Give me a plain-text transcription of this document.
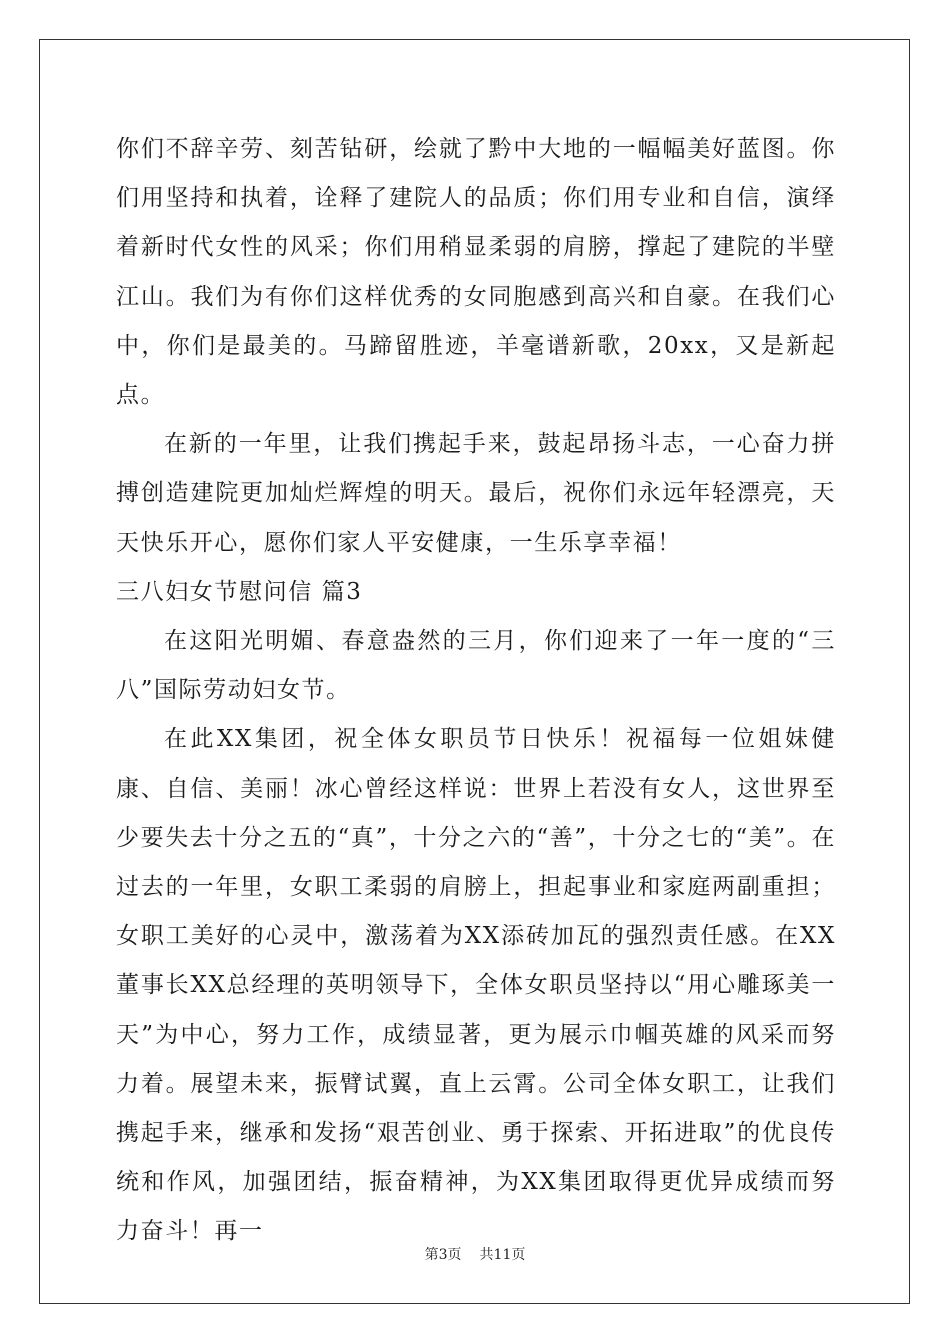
你们不辞辛劳、刻苦钻研，绘就了黔中大地的一幅幅美好蓝图。你们用坚持和执着，诠释了建院人的品质；你们用专业和自信，演绎着新时代女性的风采；你们用稍显柔弱的肩膀，撑起了建院的半壁江山。我们为有你们这样优秀的女同胞感到高兴和自豪。在我们心中，你们是最美的。马蹄留胜迹，羊毫谱新歌，20xx，又是新起点。

在新的一年里，让我们携起手来，鼓起昂扬斗志，一心奋力拼搏创造建院更加灿烂辉煌的明天。最后，祝你们永远年轻漂亮，天天快乐开心，愿你们家人平安健康，一生乐享幸福！

三八妇女节慰问信 篇3

在这阳光明媚、春意盎然的三月，你们迎来了一年一度的“三八”国际劳动妇女节。

在此XX集团，祝全体女职员节日快乐！祝福每一位姐妹健康、自信、美丽！冰心曾经这样说：世界上若没有女人，这世界至少要失去十分之五的“真”，十分之六的“善”，十分之七的“美”。在过去的一年里，女职工柔弱的肩膀上，担起事业和家庭两副重担；女职工美好的心灵中，激荡着为XX添砖加瓦的强烈责任感。在XX董事长XX总经理的英明领导下，全体女职员坚持以“用心雕琢美一天”为中心，努力工作，成绩显著，更为展示巾帼英雄的风采而努力着。展望未来，振臂试翼，直上云霄。公司全体女职工，让我们携起手来，继承和发扬“艰苦创业、勇于探索、开拓进取”的优良传统和作风，加强团结，振奋精神，为XX集团取得更优异成绩而努力奋斗！再一

第3页 共11页
